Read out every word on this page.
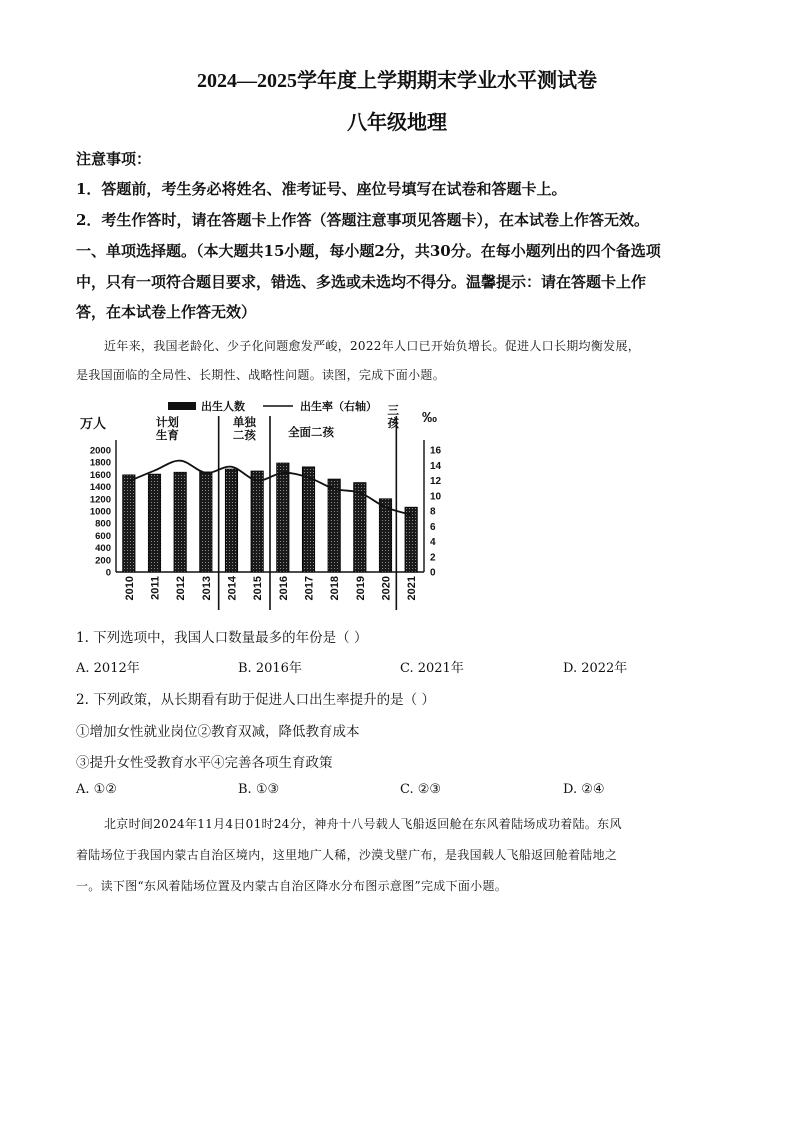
2024—2025学年度上学期期末学业水平测试卷
八年级地理
注意事项：
1．答题前，考生务必将姓名、准考证号、座位号填写在试卷和答题卡上。
2．考生作答时，请在答题卡上作答（答题注意事项见答题卡），在本试卷上作答无效。
一、单项选择题。（本大题共15小题，每小题2分，共30分。在每小题列出的四个备选项
中，只有一项符合题目要求，错选、多选或未选均不得分。温馨提示：请在答题卡上作
答，在本试卷上作答无效）
近年来，我国老龄化、少子化问题愈发严峻，2022年人口已开始负增长。促进人口长期均衡发展，
是我国面临的全局性、长期性、战略性问题。读图，完成下面小题。
出生人数	出生率（右轴）
万人	‰
0
200
400
600
800
1000
1200
1400
1600
1800
2000
0
2
4
6
8
10
12
14
16
计划
生育
单独
二孩	全面二孩
三
孩
2010 2011 2012 2013 2014 2015 2016 2017 2018 2019 2020 2021
1. 下列选项中，我国人口数量最多的年份是（ ）
A. 2012年	B. 2016年	C. 2021年	D. 2022年
2. 下列政策，从长期看有助于促进人口出生率提升的是（ ）
①增加女性就业岗位②教育双减，降低教育成本
③提升女性受教育水平④完善各项生育政策
A. ①②	B. ①③	C. ②③	D. ②④
北京时间2024年11月4日01时24分，神舟十八号载人飞船返回舱在东风着陆场成功着陆。东风
着陆场位于我国内蒙古自治区境内，这里地广人稀，沙漠戈壁广布，是我国载人飞船返回舱着陆地之
一。读下图“东风着陆场位置及内蒙古自治区降水分布图示意图”完成下面小题。
